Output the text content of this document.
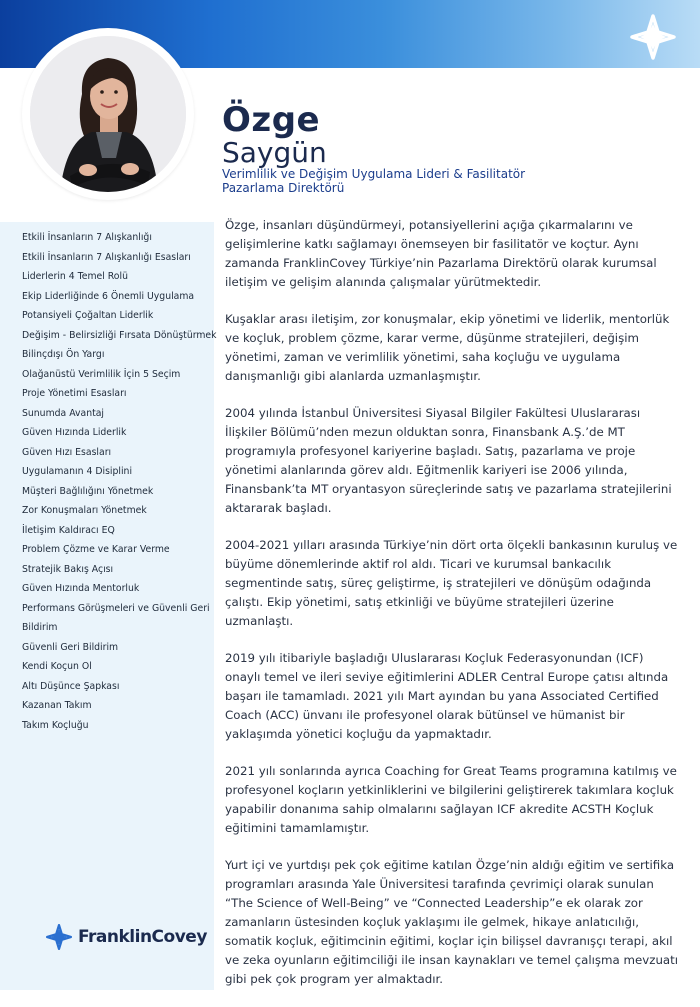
Özge
Saygün
Verimlilik ve Değişim Uygulama Lideri & Fasilitatör
Pazarlama Direktörü
Etkili İnsanların 7 Alışkanlığı
Etkili İnsanların 7 Alışkanlığı Esasları
Liderlerin 4 Temel Rolü
Ekip Liderliğinde 6 Önemli Uygulama
Potansiyeli Çoğaltan Liderlik
Değişim - Belirsizliği Fırsata Dönüştürmek
Bilinçdışı Ön Yargı
Olağanüstü Verimlilik İçin 5 Seçim
Proje Yönetimi Esasları
Sunumda Avantaj
Güven Hızında Liderlik
Güven Hızı Esasları
Uygulamanın 4 Disiplini
Müşteri Bağlılığını Yönetmek
Zor Konuşmaları Yönetmek
İletişim Kaldıracı EQ
Problem Çözme ve Karar Verme
Stratejik Bakış Açısı
Güven Hızında Mentorluk
Performans Görüşmeleri ve Güvenli Geri Bildirim
Güvenli Geri Bildirim
Kendi Koçun Ol
Altı Düşünce Şapkası
Kazanan Takım
Takım Koçluğu

Özge, insanları düşündürmeyi, potansiyellerini açığa çıkarmalarını ve gelişimlerine katkı sağlamayı önemseyen bir fasilitatör ve koçtur. Aynı zamanda FranklinCovey Türkiye’nin Pazarlama Direktörü olarak kurumsal iletişim ve gelişim alanında çalışmalar yürütmektedir.

Kuşaklar arası iletişim, zor konuşmalar, ekip yönetimi ve liderlik, mentorlük ve koçluk, problem çözme, karar verme, düşünme stratejileri, değişim yönetimi, zaman ve verimlilik yönetimi, saha koçluğu ve uygulama danışmanlığı gibi alanlarda uzmanlaşmıştır.

2004 yılında İstanbul Üniversitesi Siyasal Bilgiler Fakültesi Uluslararası İlişkiler Bölümü’nden mezun olduktan sonra, Finansbank A.Ş.’de MT programıyla profesyonel kariyerine başladı. Satış, pazarlama ve proje yönetimi alanlarında görev aldı. Eğitmenlik kariyeri ise 2006 yılında, Finansbank’ta MT oryantasyon süreçlerinde satış ve pazarlama stratejilerini aktararak başladı.

2004-2021 yılları arasında Türkiye’nin dört orta ölçekli bankasının kuruluş ve büyüme dönemlerinde aktif rol aldı. Ticari ve kurumsal bankacılık segmentinde satış, süreç geliştirme, iş stratejileri ve dönüşüm odağında çalıştı. Ekip yönetimi, satış etkinliği ve büyüme stratejileri üzerine uzmanlaştı.

2019 yılı itibariyle başladığı Uluslararası Koçluk Federasyonundan (ICF) onaylı temel ve ileri seviye eğitimlerini ADLER Central Europe çatısı altında başarı ile tamamladı. 2021 yılı Mart ayından bu yana Associated Certified Coach (ACC) ünvanı ile profesyonel olarak bütünsel ve hümanist bir yaklaşımda yönetici koçluğu da yapmaktadır.

2021 yılı sonlarında ayrıca Coaching for Great Teams programına katılmış ve profesyonel koçların yetkinliklerini ve bilgilerini geliştirerek takımlara koçluk yapabilir donanıma sahip olmalarını sağlayan ICF akredite ACSTH Koçluk eğitimini tamamlamıştır.

Yurt içi ve yurtdışı pek çok eğitime katılan Özge’nin aldığı eğitim ve sertifika programları arasında Yale Üniversitesi tarafında çevrimiçi olarak sunulan “The Science of Well-Being” ve “Connected Leadership”e ek olarak zor zamanların üstesinden koçluk yaklaşımı ile gelmek, hikaye anlatıcılığı, somatik koçluk, eğitimcinin eğitimi, koçlar için bilişsel davranışçı terapi, akıl ve zeka oyunların eğitimciliği ile insan kaynakları ve temel çalışma mevzuatı gibi pek çok program yer almaktadır.

FranklinCovey
